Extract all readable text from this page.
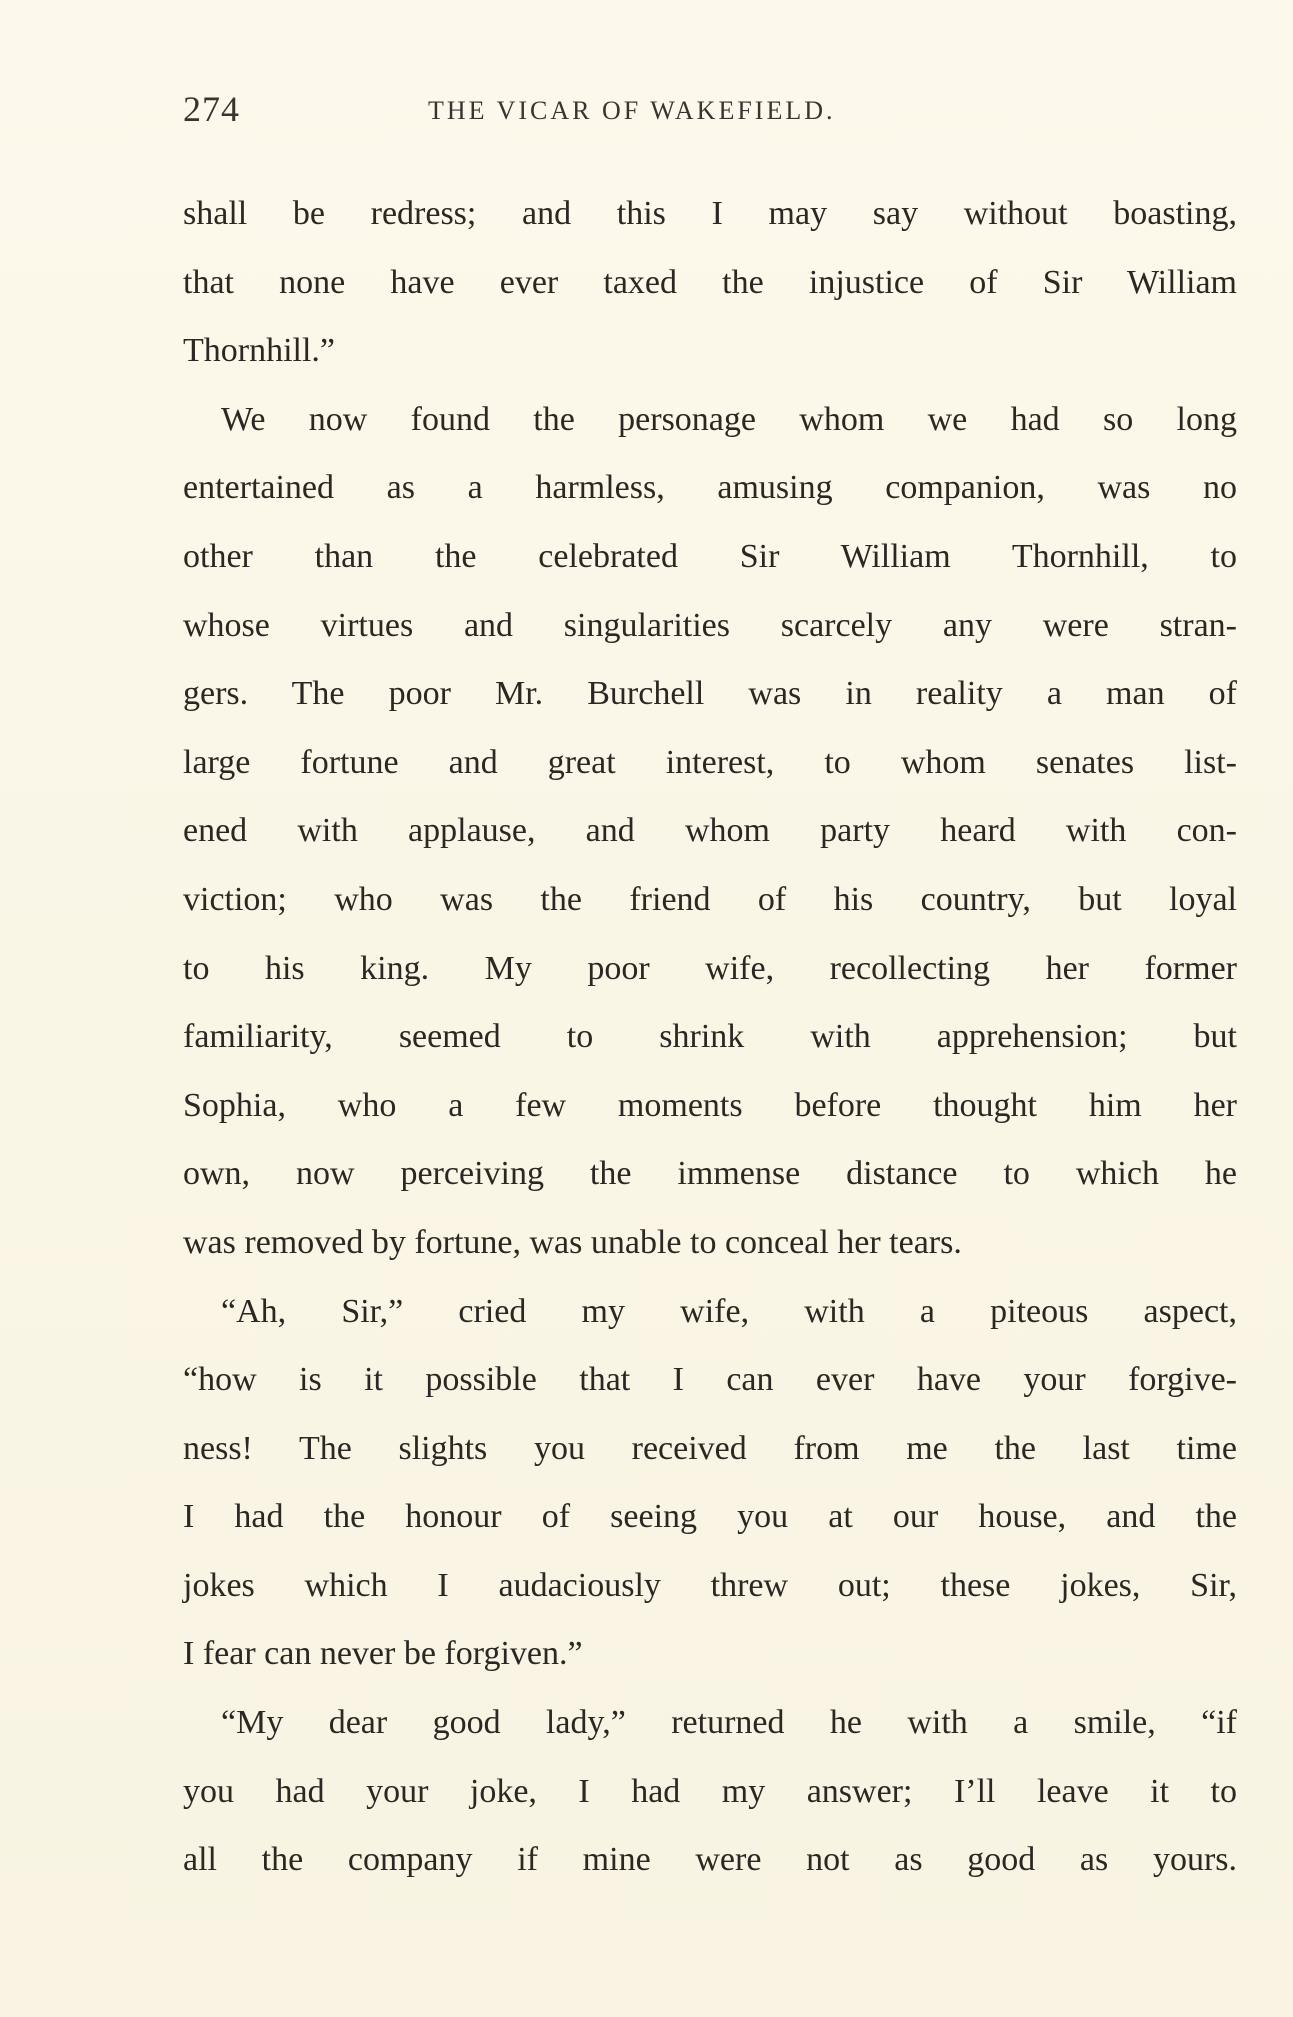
274	THE VICAR OF WAKEFIELD.
shall be redress; and this I may say without boasting,
that none have ever taxed the injustice of Sir William
Thornhill.”
We now found the personage whom we had so long
entertained as a harmless, amusing companion, was no
other than the celebrated Sir William Thornhill, to
whose virtues and singularities scarcely any were stran-
gers. The poor Mr. Burchell was in reality a man of
large fortune and great interest, to whom senates list-
ened with applause, and whom party heard with con-
viction; who was the friend of his country, but loyal
to his king. My poor wife, recollecting her former
familiarity, seemed to shrink with apprehension; but
Sophia, who a few moments before thought him her
own, now perceiving the immense distance to which he
was removed by fortune, was unable to conceal her tears.
“Ah, Sir,” cried my wife, with a piteous aspect,
“how is it possible that I can ever have your forgive-
ness! The slights you received from me the last time
I had the honour of seeing you at our house, and the
jokes which I audaciously threw out; these jokes, Sir,
I fear can never be forgiven.”
“My dear good lady,” returned he with a smile, “if
you had your joke, I had my answer; I’ll leave it to
all the company if mine were not as good as yours.
